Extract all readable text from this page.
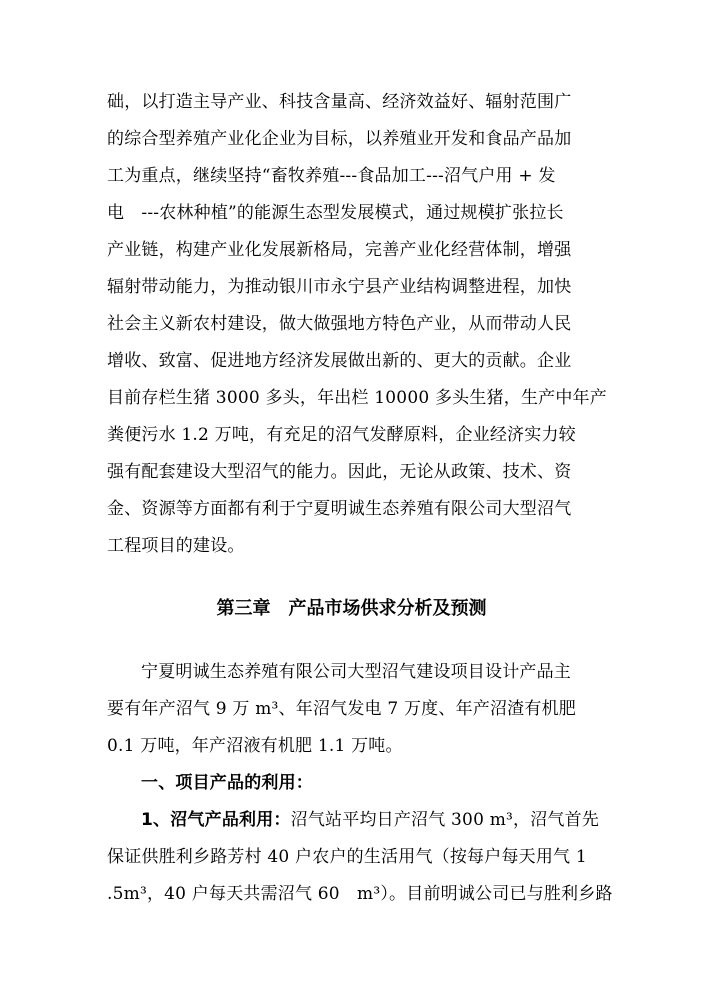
础，以打造主导产业、科技含量高、经济效益好、辐射范围广
的综合型养殖产业化企业为目标，以养殖业开发和食品产品加
工为重点，继续坚持“畜牧养殖---食品加工---沼气户用 + 发
电　---农林种植”的能源生态型发展模式，通过规模扩张拉长
产业链，构建产业化发展新格局，完善产业化经营体制，增强
辐射带动能力，为推动银川市永宁县产业结构调整进程，加快
社会主义新农村建设，做大做强地方特色产业，从而带动人民
增收、致富、促进地方经济发展做出新的、更大的贡献。企业
目前存栏生猪 3000 多头，年出栏 10000 多头生猪，生产中年产
粪便污水 1.2 万吨，有充足的沼气发酵原料，企业经济实力较
强有配套建设大型沼气的能力。因此，无论从政策、技术、资
金、资源等方面都有利于宁夏明诚生态养殖有限公司大型沼气
工程项目的建设。
第三章　产品市场供求分析及预测
宁夏明诚生态养殖有限公司大型沼气建设项目设计产品主
要有年产沼气 9 万 m³、年沼气发电 7 万度、年产沼渣有机肥
0.1 万吨，年产沼液有机肥 1.1 万吨。
一、项目产品的利用：
1、沼气产品利用：沼气站平均日产沼气 300 m³，沼气首先
保证供胜利乡路芳村 40 户农户的生活用气（按每户每天用气 1
.5m³，40 户每天共需沼气 60　m³）。目前明诚公司已与胜利乡路
